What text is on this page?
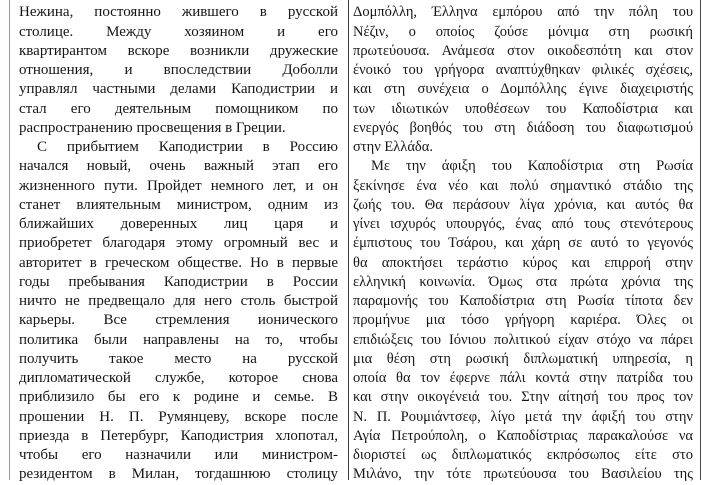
Нежина, постоянно жившего в русской
столице. Между хозяином и его
квартирантом вскоре возникли дружеские
отношения, и впоследствии Доболли
управлял частными делами Каподистрии и
стал его деятельным помощником по
распространению просвещения в Греции.
С прибытием Каподистрии в Россию
начался новый, очень важный этап его
жизненного пути. Пройдет немного лет, и он
станет влиятельным министром, одним из
ближайших доверенных лиц царя и
приобретет благодаря этому огромный вес и
авторитет в греческом обществе. Но в первые
годы пребывания Каподистрии в России
ничто не предвещало для него столь быстрой
карьеры. Все стремления ионического
политика были направлены на то, чтобы
получить такое место на русской
дипломатической службе, которое снова
приблизило бы его к родине и семье. В
прошении Н. П. Румянцеву, вскоре после
приезда в Петербург, Каподистрия хлопотал,
чтобы его назначили или министром-
резидентом в Милан, тогдашнюю столицу
Δομπόλλη, Έλληνα εμπόρου από την πόλη του
Νέζιν, ο οποίος ζούσε μόνιμα στη ρωσική
πρωτεύουσα. Ανάμεσα στον οικοδεσπότη και στον
ένοικό του γρήγορα αναπτύχθηκαν φιλικές σχέσεις,
και στη συνέχεια ο Δομπόλλης έγινε διαχειριστής
των ιδιωτικών υποθέσεων του Καποδίστρια και
ενεργός βοηθός του στη διάδοση του διαφωτισμού
στην Ελλάδα.
Με την άφιξη του Καποδίστρια στη Ρωσία
ξεκίνησε ένα νέο και πολύ σημαντικό στάδιο της
ζωής του. Θα περάσουν λίγα χρόνια, και αυτός θα
γίνει ισχυρός υπουργός, ένας από τους στενότερους
έμπιστους του Τσάρου, και χάρη σε αυτό το γεγονός
θα αποκτήσει τεράστιο κύρος και επιρροή στην
ελληνική κοινωνία. Όμως στα πρώτα χρόνια της
παραμονής του Καποδίστρια στη Ρωσία τίποτα δεν
προμήνυε μια τόσο γρήγορη καριέρα. Όλες οι
επιδιώξεις του Ιόνιου πολιτικού είχαν στόχο να πάρει
μια θέση στη ρωσική διπλωματική υπηρεσία, η
οποία θα τον έφερνε πάλι κοντά στην πατρίδα του
και στην οικογένειά του. Στην αίτησή του προς τον
Ν. Π. Ρουμιάντσεφ, λίγο μετά την άφιξή του στην
Αγία Πετρούπολη, ο Καποδίστριας παρακαλούσε να
διοριστεί ως διπλωματικός εκπρόσωπος είτε στο
Μιλάνο, την τότε πρωτεύουσα του Βασιλείου της
